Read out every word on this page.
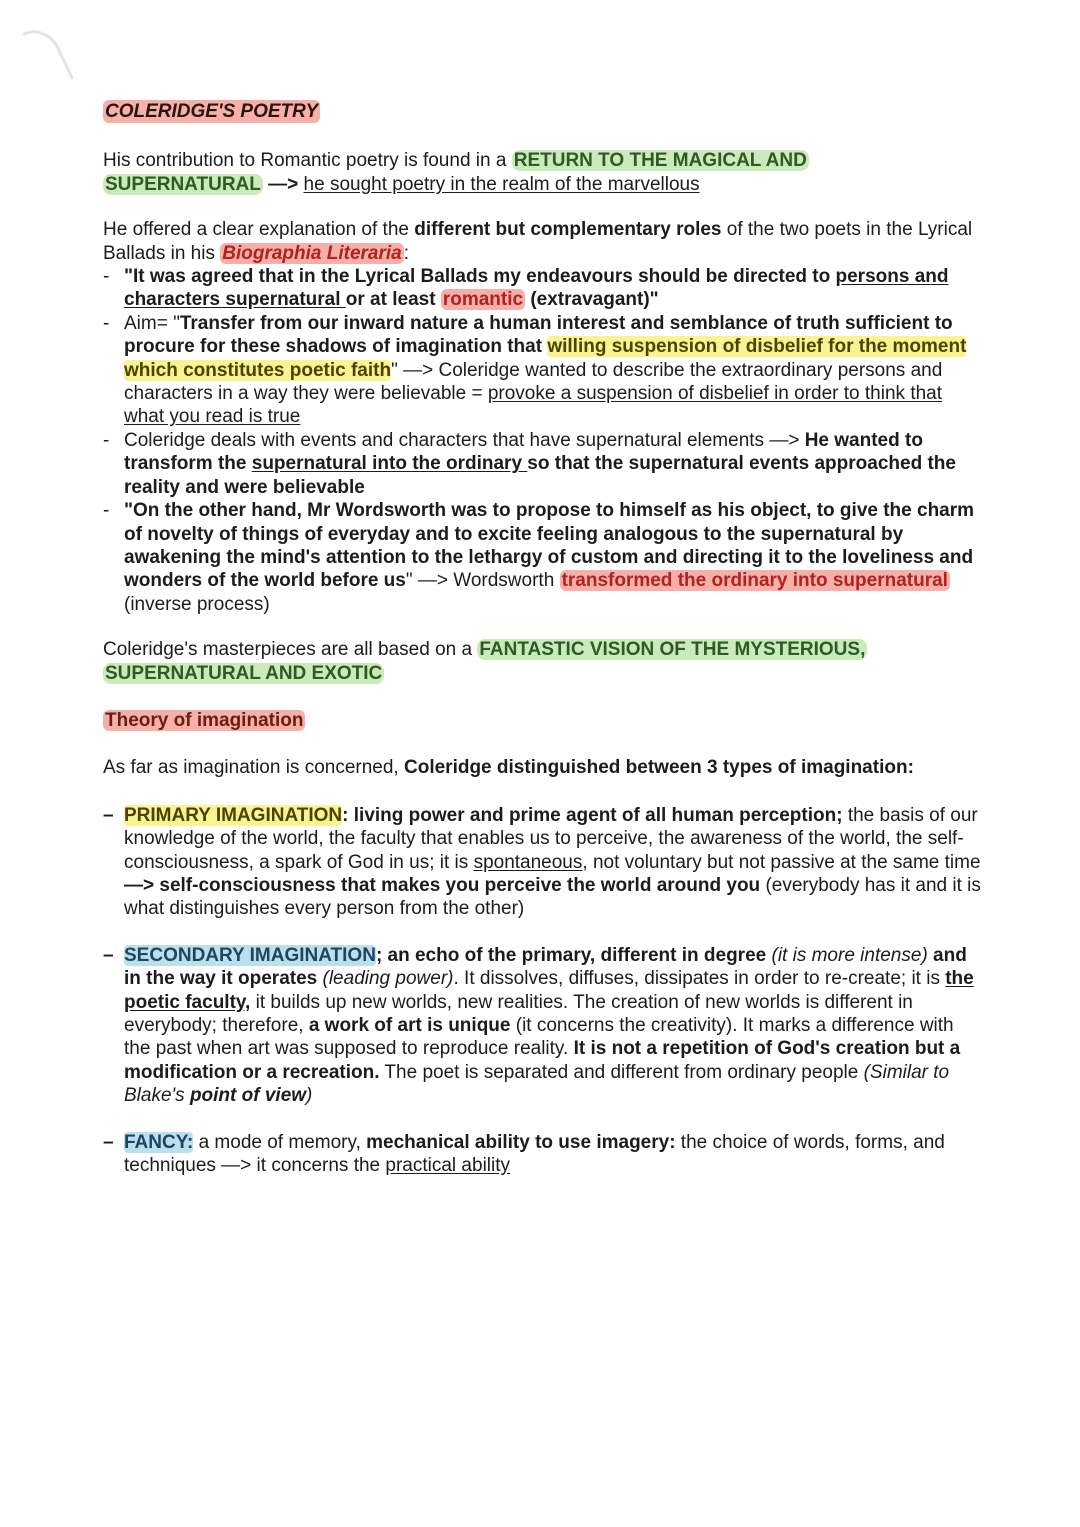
COLERIDGE'S POETRY

His contribution to Romantic poetry is found in a RETURN TO THE MAGICAL AND
SUPERNATURAL —> he sought poetry in the realm of the marvellous

He offered a clear explanation of the different but complementary roles of the two poets in the Lyrical Ballads in his Biographia Literaria :

- "It was agreed that in the Lyrical Ballads my endeavours should be directed to persons and characters supernatural or at least romantic (extravagant)"
- Aim= "Transfer from our inward nature a human interest and semblance of truth sufficient to procure for these shadows of imagination that willing suspension of disbelief for the moment which constitutes poetic faith" —> Coleridge wanted to describe the extraordinary persons and characters in a way they were believable = provoke a suspension of disbelief in order to think that what you read is true
- Coleridge deals with events and characters that have supernatural elements —> He wanted to transform the supernatural into the ordinary so that the supernatural events approached the reality and were believable
- "On the other hand, Mr Wordsworth was to propose to himself as his object, to give the charm of novelty of things of everyday and to excite feeling analogous to the supernatural by awakening the mind's attention to the lethargy of custom and directing it to the loveliness and wonders of the world before us" —> Wordsworth transformed the ordinary into supernatural (inverse process)

Coleridge's masterpieces are all based on a FANTASTIC VISION OF THE MYSTERIOUS, SUPERNATURAL AND EXOTIC

Theory of imagination

As far as imagination is concerned, Coleridge distinguished between 3 types of imagination:

– PRIMARY IMAGINATION: living power and prime agent of all human perception; the basis of our knowledge of the world, the faculty that enables us to perceive, the awareness of the world, the self-consciousness, a spark of God in us; it is spontaneous, not voluntary but not passive at the same time —> self-consciousness that makes you perceive the world around you (everybody has it and it is what distinguishes every person from the other)
– SECONDARY IMAGINATION; an echo of the primary, different in degree (it is more intense) and in the way it operates (leading power). It dissolves, diffuses, dissipates in order to re-create; it is the poetic faculty, it builds up new worlds, new realities. The creation of new worlds is different in everybody; therefore, a work of art is unique (it concerns the creativity). It marks a difference with the past when art was supposed to reproduce reality. It is not a repetition of God's creation but a modification or a recreation. The poet is separated and different from ordinary people (Similar to Blake's point of view)
– FANCY: a mode of memory, mechanical ability to use imagery: the choice of words, forms, and techniques —> it concerns the practical ability
